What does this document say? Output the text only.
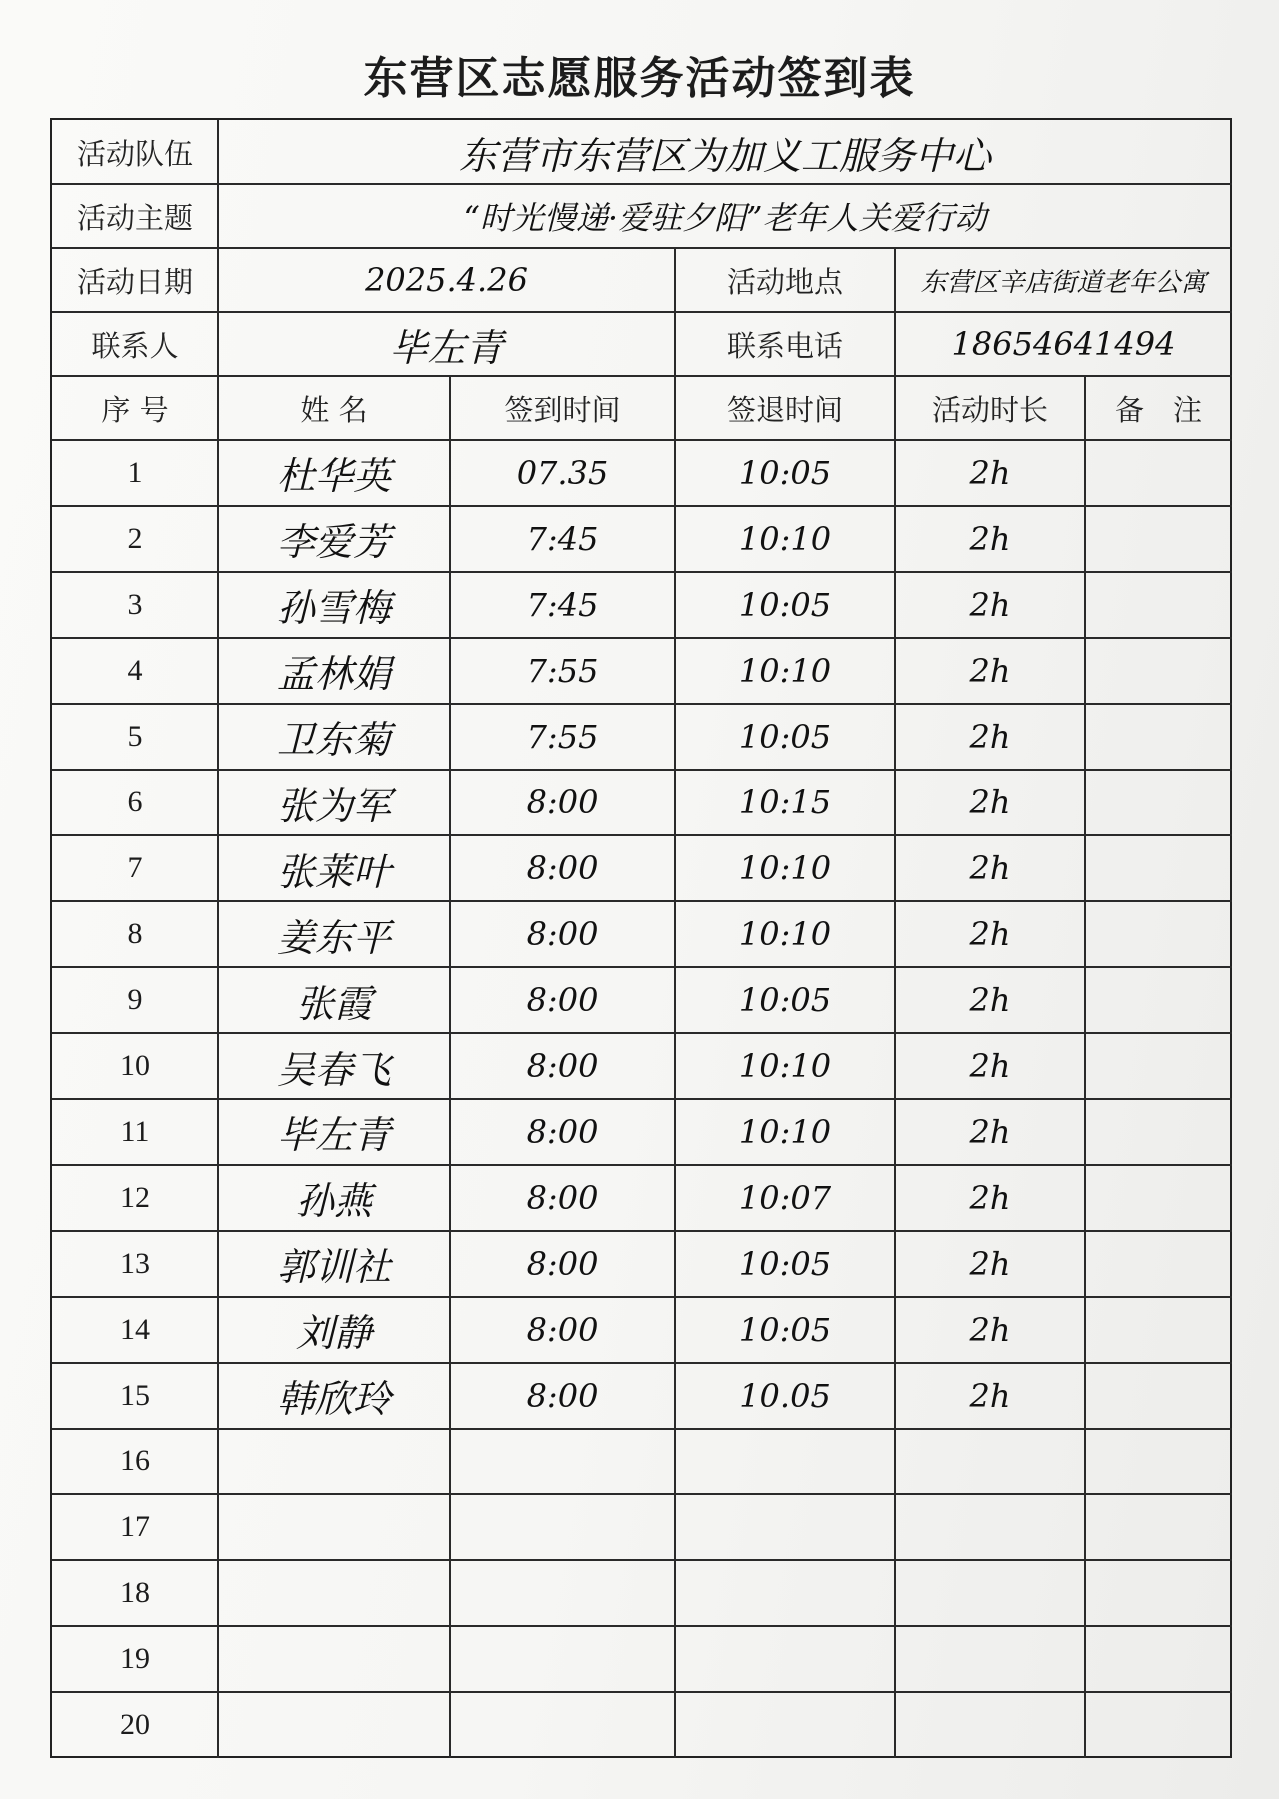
东营区志愿服务活动签到表
活动队伍	东营市东营区为加义工服务中心
活动主题	“时光慢递·爱驻夕阳”老年人关爱行动
活动日期	2025.4.26	活动地点	东营区辛店街道老年公寓
联系人	毕左青	联系电话	18654641494
序 号	姓 名	签到时间	签退时间	活动时长	备　注
1	杜华英	07.35	10:05	2h
2	李爱芳	7:45	10:10	2h
3	孙雪梅	7:45	10:05	2h
4	孟林娟	7:55	10:10	2h
5	卫东菊	7:55	10:05	2h
6	张为军	8:00	10:15	2h
7	张莱叶	8:00	10:10	2h
8	姜东平	8:00	10:10	2h
9	张霞	8:00	10:05	2h
10	吴春飞	8:00	10:10	2h
11	毕左青	8:00	10:10	2h
12	孙燕	8:00	10:07	2h
13	郭训社	8:00	10:05	2h
14	刘静	8:00	10:05	2h
15	韩欣玲	8:00	10.05	2h
16
17
18
19
20
